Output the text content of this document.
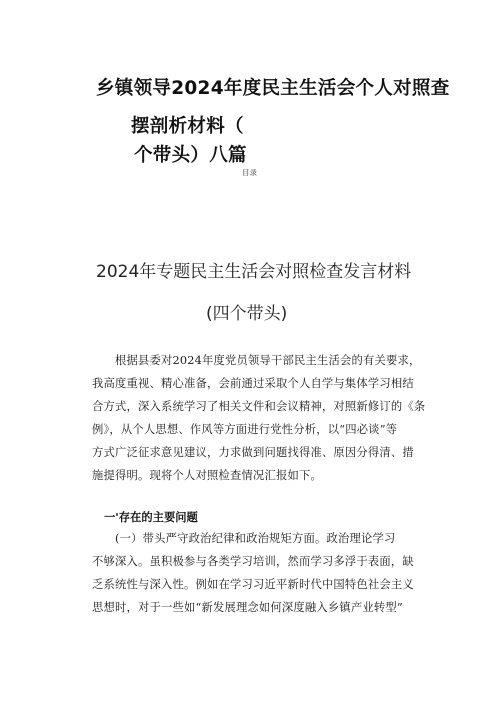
乡镇领导2024年度民主生活会个人对照查
摆剖析材料（
个带头）八篇
目录
2024年专题民主生活会对照检查发言材料
(四个带头)
　　根据县委对2024年度党员领导干部民主生活会的有关要求，
我高度重视、精心准备，会前通过采取个人自学与集体学习相结
合方式，深入系统学习了相关文件和会议精神，对照新修订的《条
例》，从个人思想、作风等方面进行党性分析，以“四必谈”等
方式广泛征求意见建议，力求做到问题找得准、原因分得清、措
施提得明。现将个人对照检查情况汇报如下。
一'存在的主要问题
　　(一）带头严守政治纪律和政治规矩方面。政治理论学习
不够深入。虽积极参与各类学习培训，然而学习多浮于表面，缺
乏系统性与深入性。例如在学习习近平新时代中国特色社会主义
思想时，对于一些如“新发展理念如何深度融入乡镇产业转型”
